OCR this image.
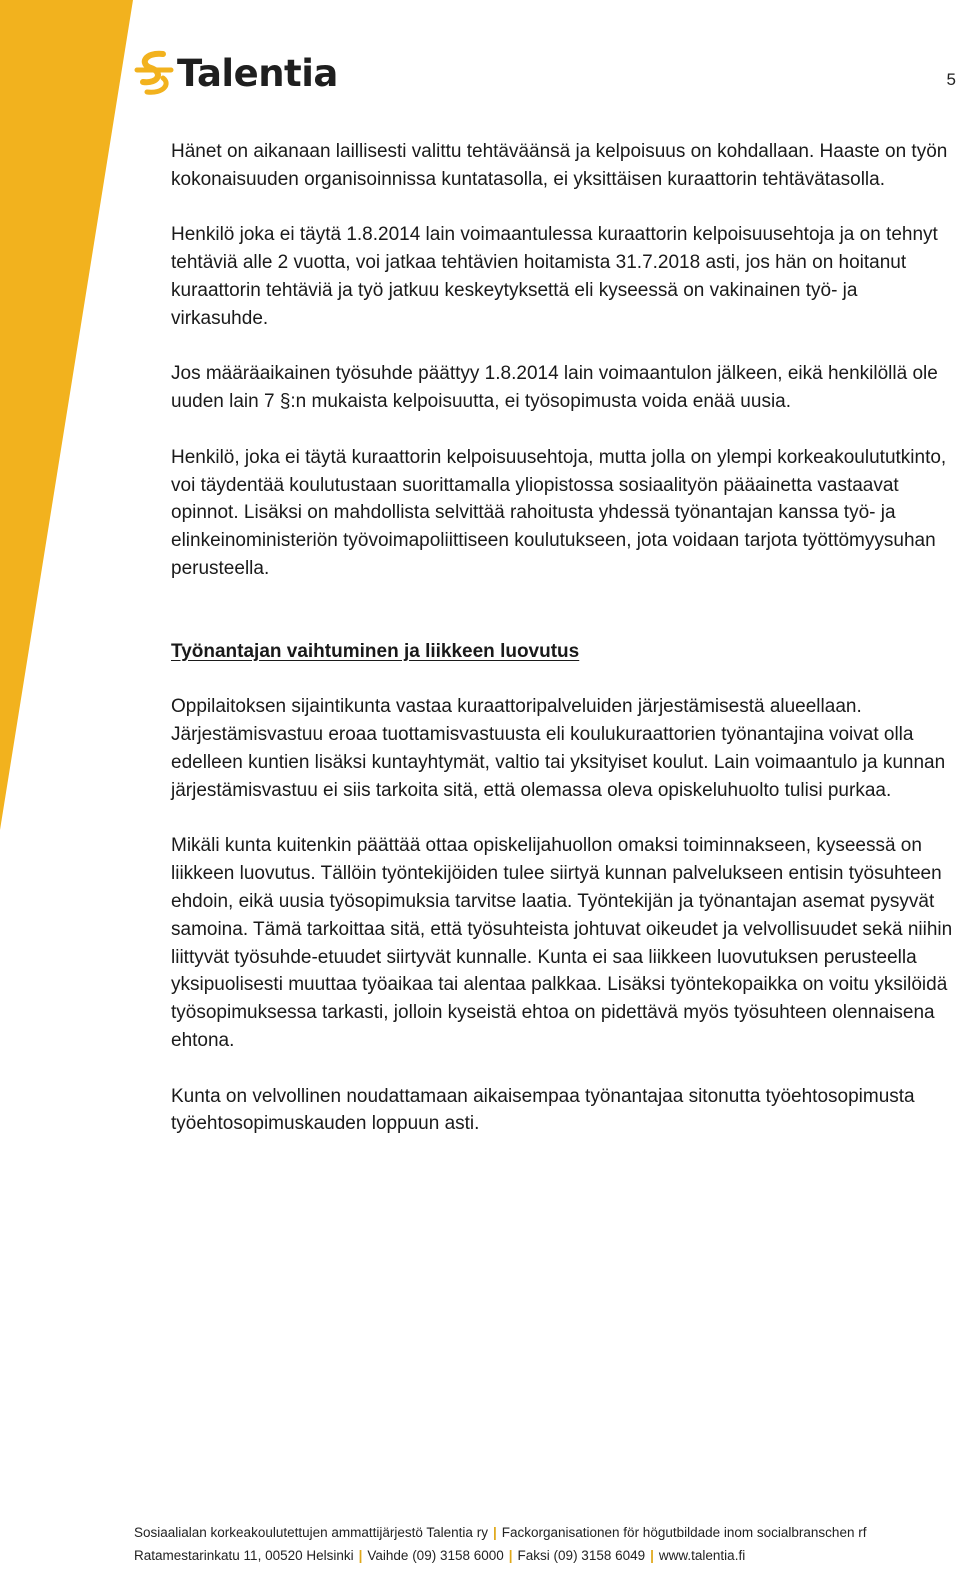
Talentia	5

Hänet on aikanaan laillisesti valittu tehtäväänsä ja kelpoisuus on kohdallaan. Haaste on työn kokonaisuuden organisoinnissa kuntatasolla, ei yksittäisen kuraattorin tehtävätasolla.

Henkilö joka ei täytä 1.8.2014 lain voimaantulessa kuraattorin kelpoisuusehtoja ja on tehnyt tehtäviä alle 2 vuotta, voi jatkaa tehtävien hoitamista 31.7.2018 asti, jos hän on hoitanut kuraattorin tehtäviä ja työ jatkuu keskeytyksettä eli kyseessä on vakinainen työ- ja virkasuhde.

Jos määräaikainen työsuhde päättyy 1.8.2014 lain voimaantulon jälkeen, eikä henkilöllä ole uuden lain 7 §:n mukaista kelpoisuutta, ei työsopimusta voida enää uusia.

Henkilö, joka ei täytä kuraattorin kelpoisuusehtoja, mutta jolla on ylempi korkeakoulututkinto, voi täydentää koulutustaan suorittamalla yliopistossa sosiaalityön pääainetta vastaavat opinnot. Lisäksi on mahdollista selvittää rahoitusta yhdessä työnantajan kanssa työ- ja elinkeinoministeriön työvoimapoliittiseen koulutukseen, jota voidaan tarjota työttömyysuhan perusteella.

Työnantajan vaihtuminen ja liikkeen luovutus

Oppilaitoksen sijaintikunta vastaa kuraattoripalveluiden järjestämisestä alueellaan. Järjestämisvastuu eroaa tuottamisvastuusta eli koulukuraattorien työnantajina voivat olla edelleen kuntien lisäksi kuntayhtymät, valtio tai yksityiset koulut. Lain voimaantulo ja kunnan järjestämisvastuu ei siis tarkoita sitä, että olemassa oleva opiskeluhuolto tulisi purkaa.

Mikäli kunta kuitenkin päättää ottaa opiskelijahuollon omaksi toiminnakseen, kyseessä on liikkeen luovutus. Tällöin työntekijöiden tulee siirtyä kunnan palvelukseen entisin työsuhteen ehdoin, eikä uusia työsopimuksia tarvitse laatia. Työntekijän ja työnantajan asemat pysyvät samoina. Tämä tarkoittaa sitä, että työsuhteista johtuvat oikeudet ja velvollisuudet sekä niihin liittyvät työsuhde-etuudet siirtyvät kunnalle. Kunta ei saa liikkeen luovutuksen perusteella yksipuolisesti muuttaa työaikaa tai alentaa palkkaa. Lisäksi työntekopaikka on voitu yksilöidä työsopimuksessa tarkasti, jolloin kyseistä ehtoa on pidettävä myös työsuhteen olennaisena ehtona.

Kunta on velvollinen noudattamaan aikaisempaa työnantajaa sitonutta työehtosopimusta työehtosopimuskauden loppuun asti.

Sosiaalialan korkeakoulutettujen ammattijärjestö Talentia ry | Fackorganisationen för högutbildade inom socialbranschen rf
Ratamestarinkatu 11, 00520 Helsinki | Vaihde (09) 3158 6000 | Faksi (09) 3158 6049 | www.talentia.fi
